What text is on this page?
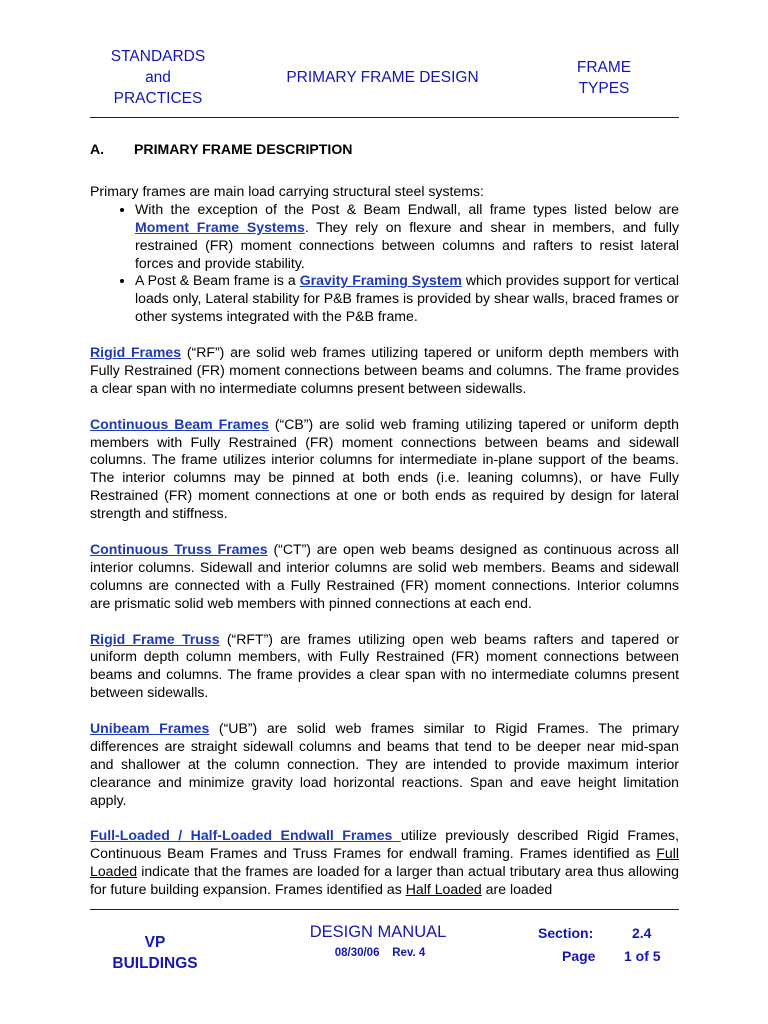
STANDARDS
and
PRACTICES
PRIMARY FRAME DESIGN
FRAME
TYPES
A. PRIMARY FRAME DESCRIPTION

Primary frames are main load carrying structural steel systems:

• With the exception of the Post & Beam Endwall, all frame types listed below are Moment Frame Systems. They rely on flexure and shear in members, and fully restrained (FR) moment connections between columns and rafters to resist lateral forces and provide stability.
• A Post & Beam frame is a Gravity Framing System which provides support for vertical loads only, Lateral stability for P&B frames is provided by shear walls, braced frames or other systems integrated with the P&B frame.

Rigid Frames (“RF”) are solid web frames utilizing tapered or uniform depth members with Fully Restrained (FR) moment connections between beams and columns. The frame provides a clear span with no intermediate columns present between sidewalls.

Continuous Beam Frames (“CB”) are solid web framing utilizing tapered or uniform depth members with Fully Restrained (FR) moment connections between beams and sidewall columns. The frame utilizes interior columns for intermediate in-plane support of the beams. The interior columns may be pinned at both ends (i.e. leaning columns), or have Fully Restrained (FR) moment connections at one or both ends as required by design for lateral strength and stiffness.

Continuous Truss Frames (“CT”) are open web beams designed as continuous across all interior columns. Sidewall and interior columns are solid web members. Beams and sidewall columns are connected with a Fully Restrained (FR) moment connections. Interior columns are prismatic solid web members with pinned connections at each end.

Rigid Frame Truss (“RFT”) are frames utilizing open web beams rafters and tapered or uniform depth column members, with Fully Restrained (FR) moment connections between beams and columns. The frame provides a clear span with no intermediate columns present between sidewalls.

Unibeam Frames (“UB”) are solid web frames similar to Rigid Frames. The primary differences are straight sidewall columns and beams that tend to be deeper near mid-span and shallower at the column connection. They are intended to provide maximum interior clearance and minimize gravity load horizontal reactions. Span and eave height limitation apply.

Full-Loaded / Half-Loaded Endwall Frames utilize previously described Rigid Frames, Continuous Beam Frames and Truss Frames for endwall framing. Frames identified as Full Loaded indicate that the frames are loaded for a larger than actual tributary area thus allowing for future building expansion. Frames identified as Half Loaded are loaded

VP
BUILDINGS
DESIGN MANUAL
08/30/06 Rev. 4
Section:	2.4
Page 1 of 5
